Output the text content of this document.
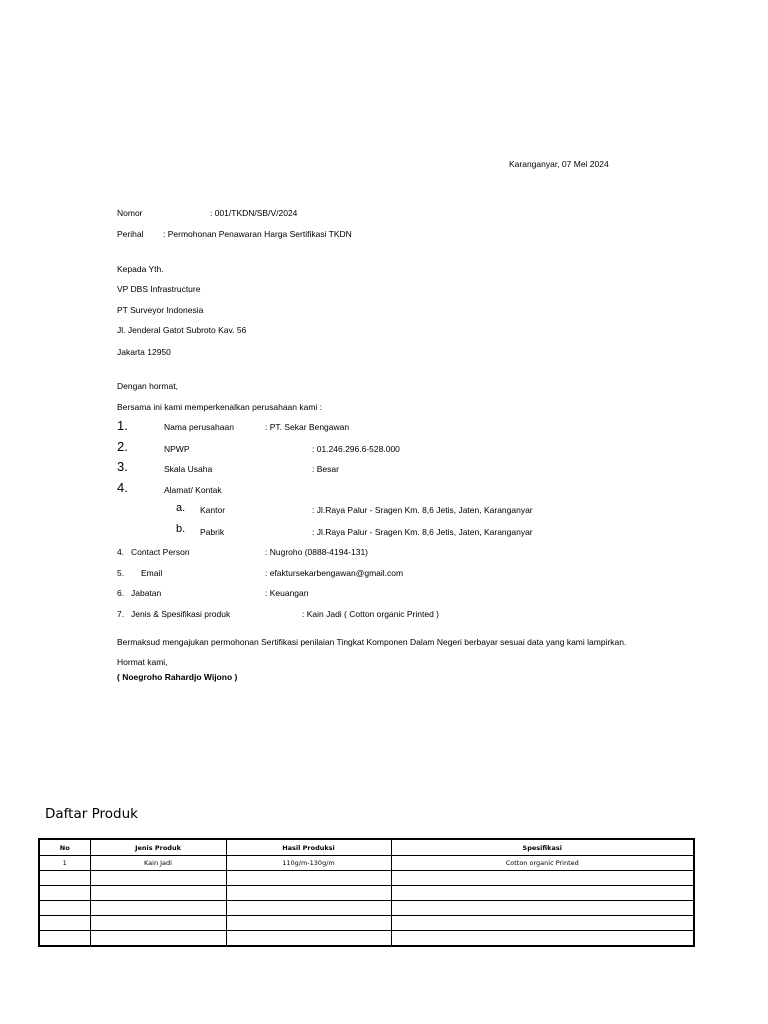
Karanganyar, 07 Mei 2024
Nomor	: 001/TKDN/SB/V/2024
Perihal : Permohonan Penawaran Harga Sertifikasi TKDN
Kepada Yth.
VP DBS Infrastructure
PT Surveyor Indonesia
Jl. Jenderal Gatot Subroto Kav. 56
Jakarta 12950
Dengan hormat,
Bersama ini kami memperkenalkan perusahaan kami :
1.	Nama perusahaan	: PT. Sekar Bengawan
2.	NPWP	: 01.246.296.6-528.000
3.	Skala Usaha	: Besar
4.	Alamat/ Kontak
a. Kantor	: Jl.Raya Palur - Sragen Km. 8,6 Jetis, Jaten, Karanganyar
b. Pabrik	: Jl.Raya Palur - Sragen Km. 8,6 Jetis, Jaten, Karanganyar
4. Contact Person	: Nugroho (0888-4194-131)
5. Email	: efaktursekarbengawan@gmail.com
6. Jabatan	: Keuangan
7. Jenis & Spesifikasi produk	: Kain Jadi ( Cotton organic Printed )
Bermaksud mengajukan permohonan Sertifikasi penilaian Tingkat Komponen Dalam Negeri berbayar sesuai data yang kami lampirkan.
Hormat kami,
( Noegroho Rahardjo Wijono )
Daftar Produk
No	Jenis Produk	Hasil Produksi	Spesifikasi
1	Kain Jadi	110g/m-130g/m	Cotton organic Printed
